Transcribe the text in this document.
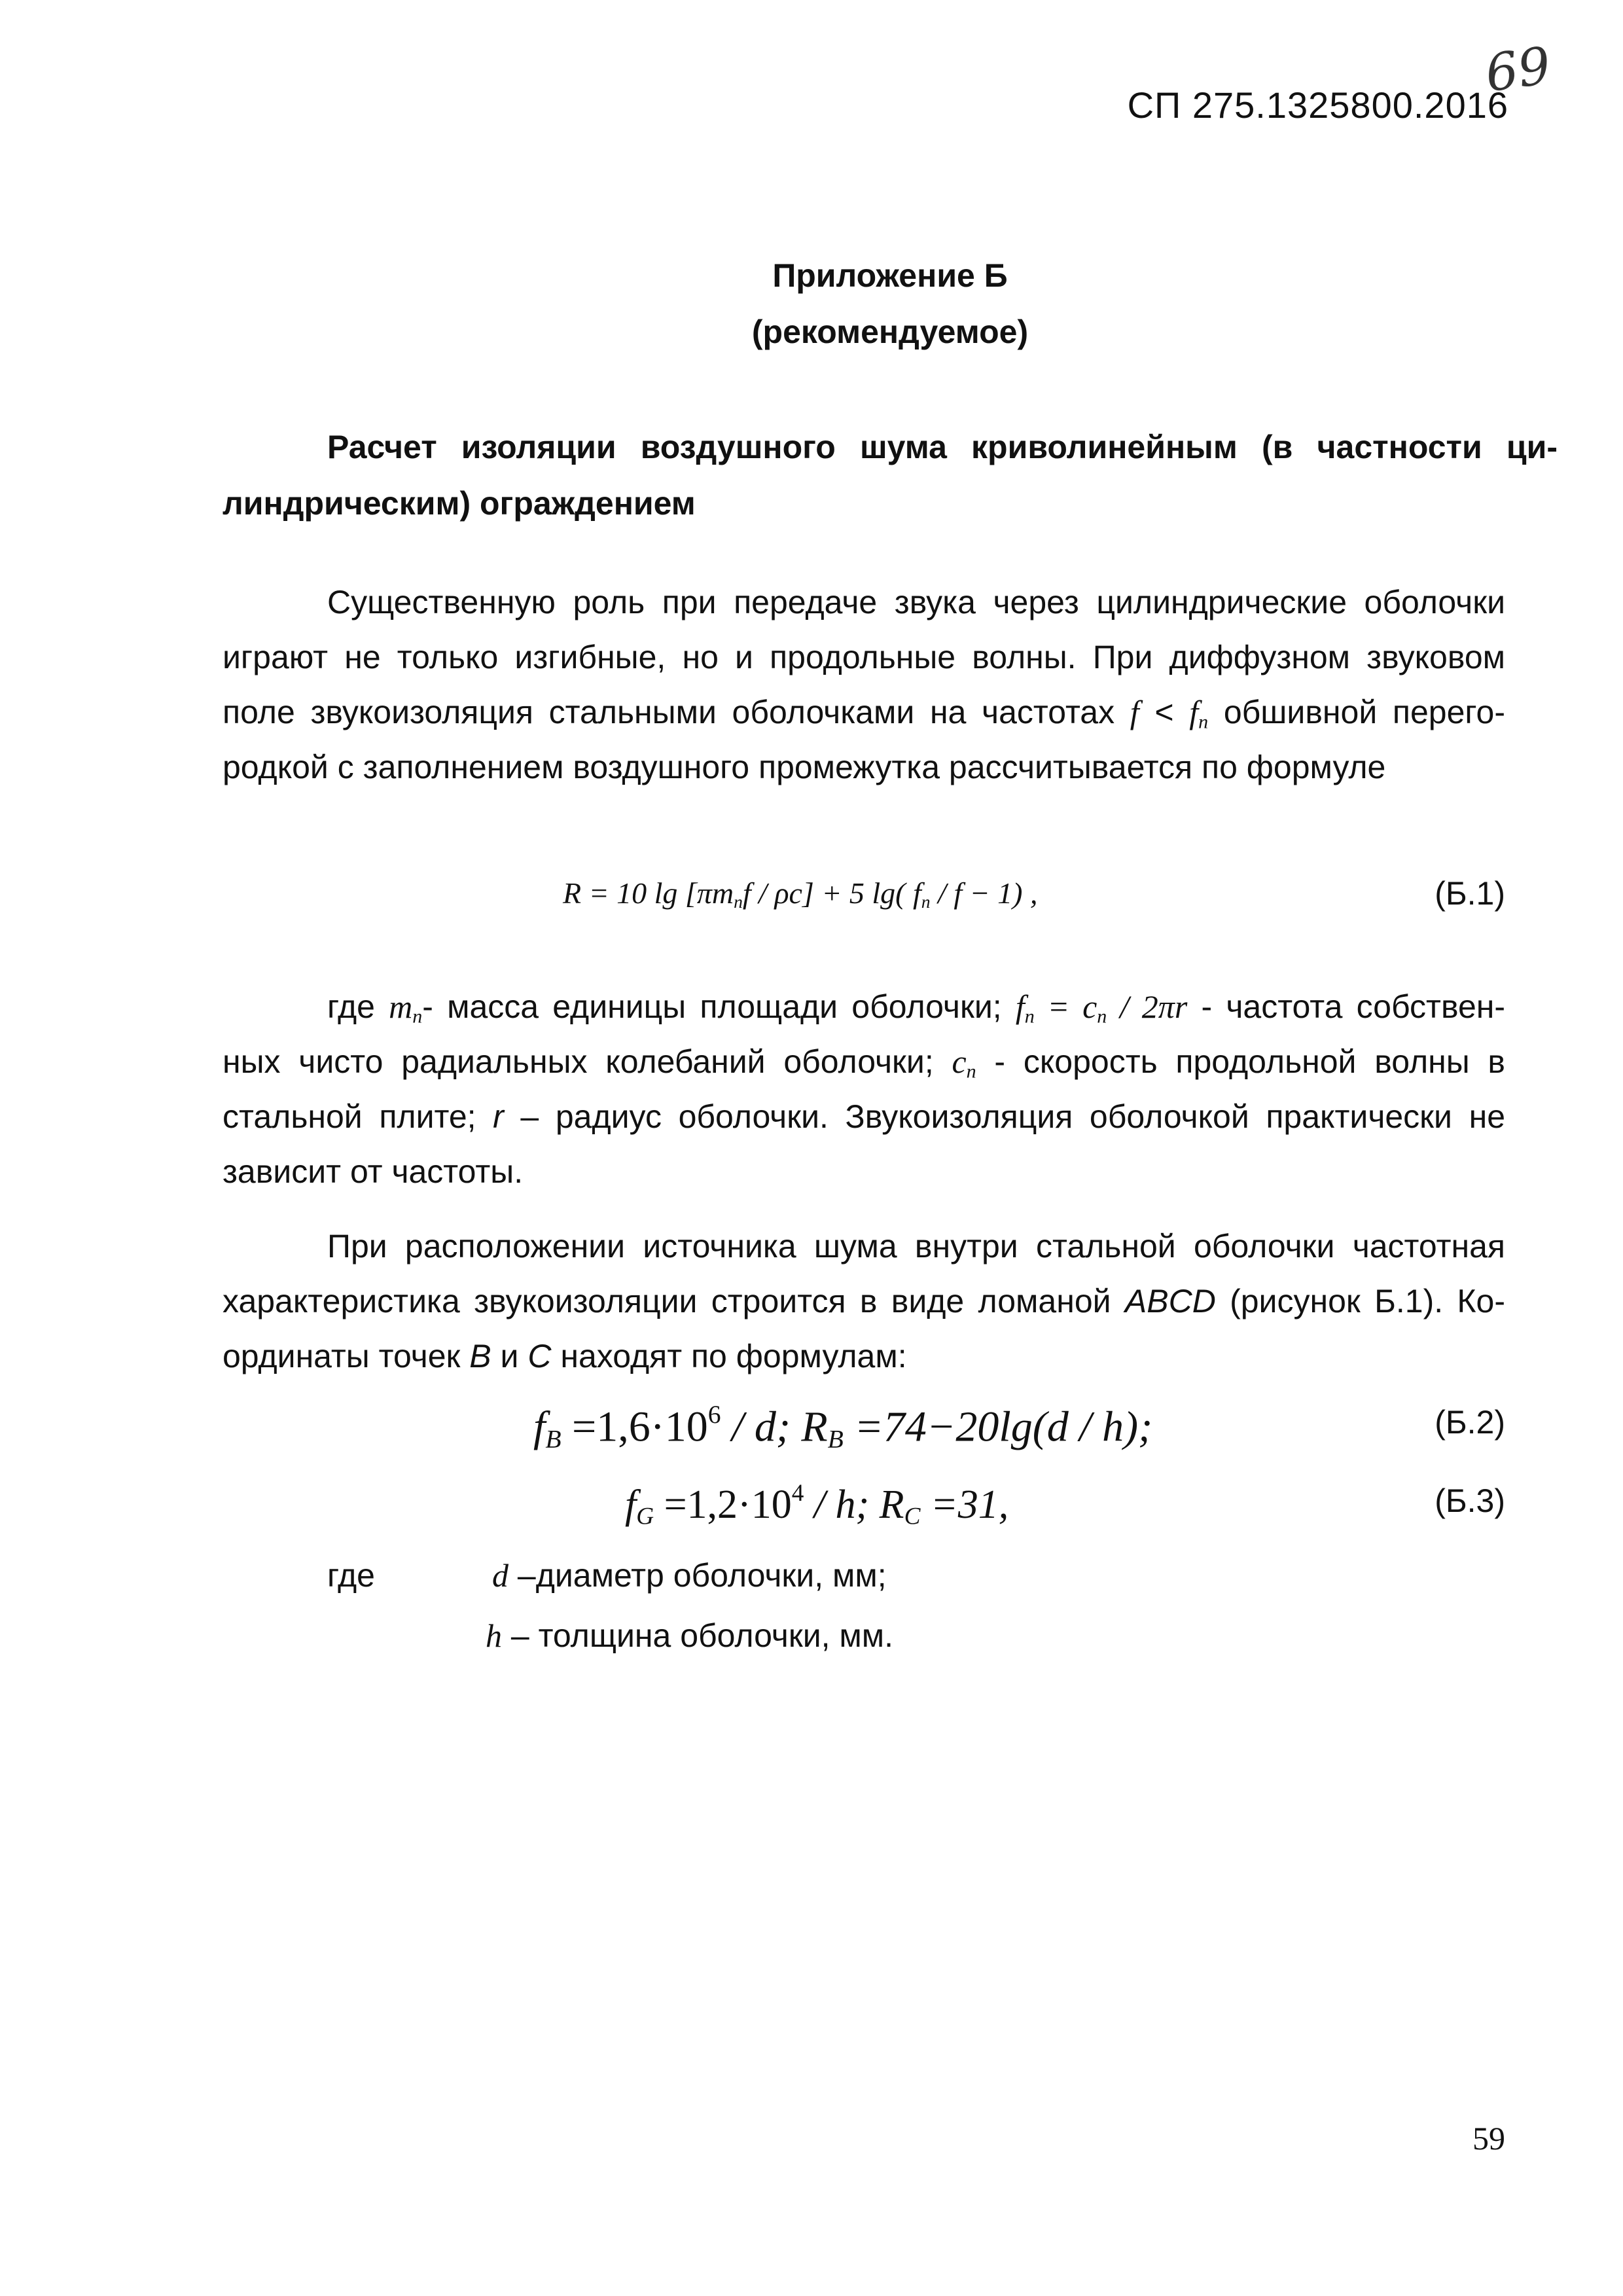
СП 275.1325800.2016
69
Приложение Б
(рекомендуемое)
Расчет изоляции воздушного шума криволинейным (в частности ци-
линдрическим) ограждением
Существенную роль при передаче звука через цилиндрические оболочки
играют не только изгибные, но и продольные волны. При диффузном звуковом
поле звукоизоляция стальными оболочками на частотах $f < f_п$ обшивной перего-
родкой с заполнением воздушного промежутка рассчитывается по формуле
R = 10 $\lg [\pi m_пf / \rho c] + 5$ lg( $f_п / f - 1$) ,	(Б.1)
где $m_п-$ масса единицы площади оболочки; $f_п = c_п / 2\pi r$ - частота собствен-
ных чисто радиальных колебаний оболочки; $c_п$ - скорость продольной волны в
стальной плите; r – радиус оболочки. Звукоизоляция оболочкой практически не
зависит от частоты.
При расположении источника шума внутри стальной оболочки частотная
характеристика звукоизоляции строится в виде ломаной ABCD (рисунок Б.1). Ко-
ординаты точек B и C находят по формулам:
$f_B =1,6\cdot 10^6 / d$; $R_B =74-20\lg(d / h)$;	(Б.2)
$f_G =1,2\cdot 10^4 / h$; $R_C =31$,	(Б.3)
где	d –диаметр оболочки, мм;
h – толщина оболочки, мм.
59
